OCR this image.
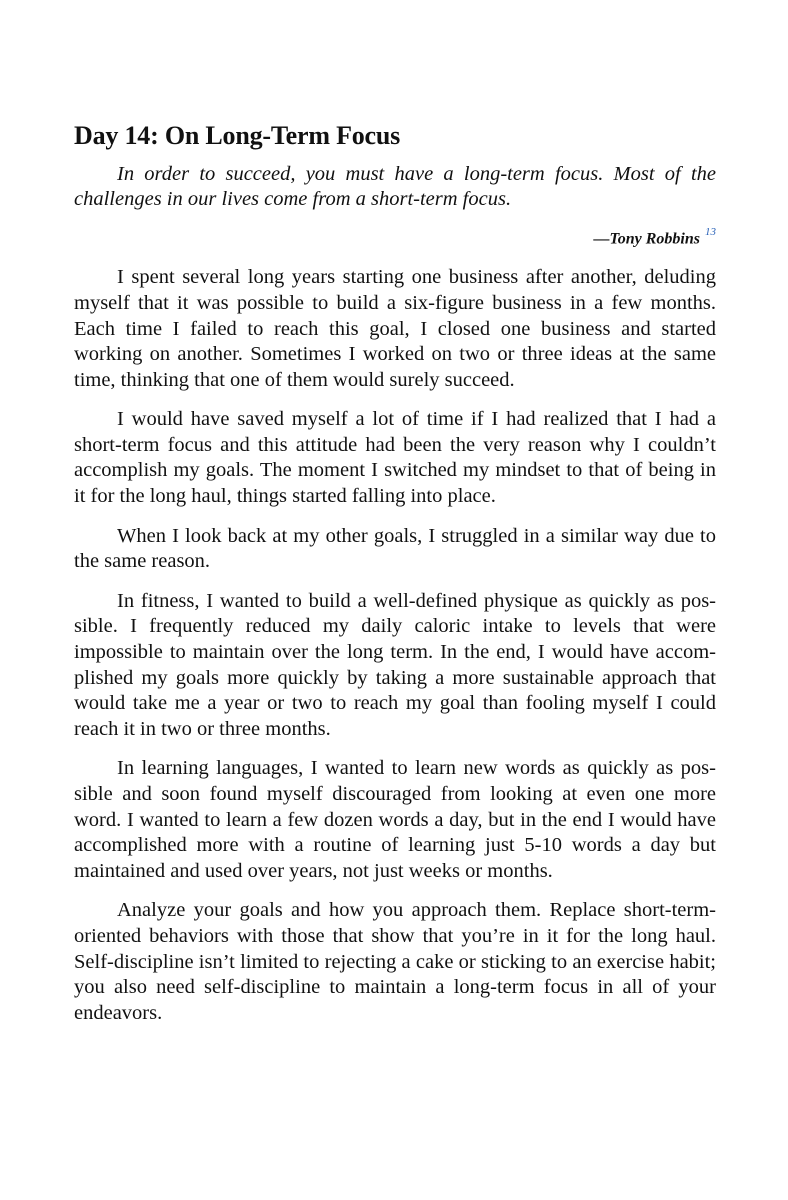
Day 14: On Long-Term Focus
In order to succeed, you must have a long-term focus. Most of the challenges in our lives come from a short-term focus.
—Tony Robbins $^{13}$

I spent several long years starting one business after another, deluding myself that it was possible to build a six-figure business in a few months. Each time I failed to reach this goal, I closed one business and started working on another. Sometimes I worked on two or three ideas at the same time, thinking that one of them would surely succeed.

I would have saved myself a lot of time if I had realized that I had a short-term focus and this attitude had been the very reason why I couldn’t accomplish my goals. The moment I switched my mindset to that of being in it for the long haul, things started falling into place.

When I look back at my other goals, I struggled in a similar way due to the same reason.

In fitness, I wanted to build a well-defined physique as quickly as possible. I frequently reduced my daily caloric intake to levels that were impossible to maintain over the long term. In the end, I would have accomplished my goals more quickly by taking a more sustainable approach that would take me a year or two to reach my goal than fooling myself I could reach it in two or three months.

In learning languages, I wanted to learn new words as quickly as possible and soon found myself discouraged from looking at even one more word. I wanted to learn a few dozen words a day, but in the end I would have accomplished more with a routine of learning just 5-10 words a day but maintained and used over years, not just weeks or months.

Analyze your goals and how you approach them. Replace short-term-oriented behaviors with those that show that you’re in it for the long haul. Self-discipline isn’t limited to rejecting a cake or sticking to an exercise habit; you also need self-discipline to maintain a long-term focus in all of your endeavors.
